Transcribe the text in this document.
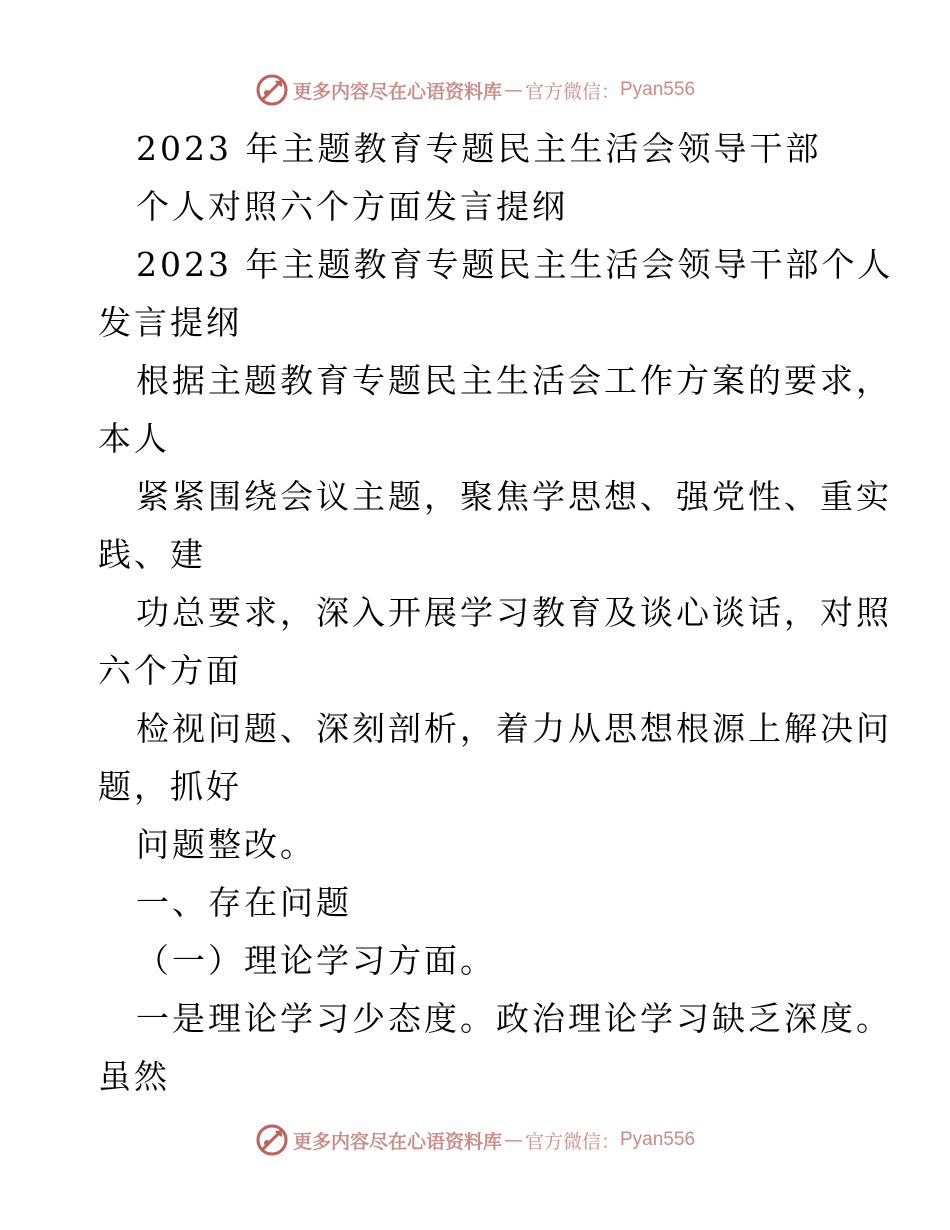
更多内容尽在心语资料库 — 官方微信： Pyan556
2023 年主题教育专题民主生活会领导干部
个人对照六个方面发言提纲
2023 年主题教育专题民主生活会领导干部个人
发言提纲
根据主题教育专题民主生活会工作方案的要求，
本人
紧紧围绕会议主题，聚焦学思想、强党性、重实
践、建
功总要求，深入开展学习教育及谈心谈话，对照
六个方面
检视问题、深刻剖析，着力从思想根源上解决问
题，抓好
问题整改。
一、存在问题
（一）理论学习方面。
一是理论学习少态度。政治理论学习缺乏深度。
虽然
更多内容尽在心语资料库 — 官方微信： Pyan556
